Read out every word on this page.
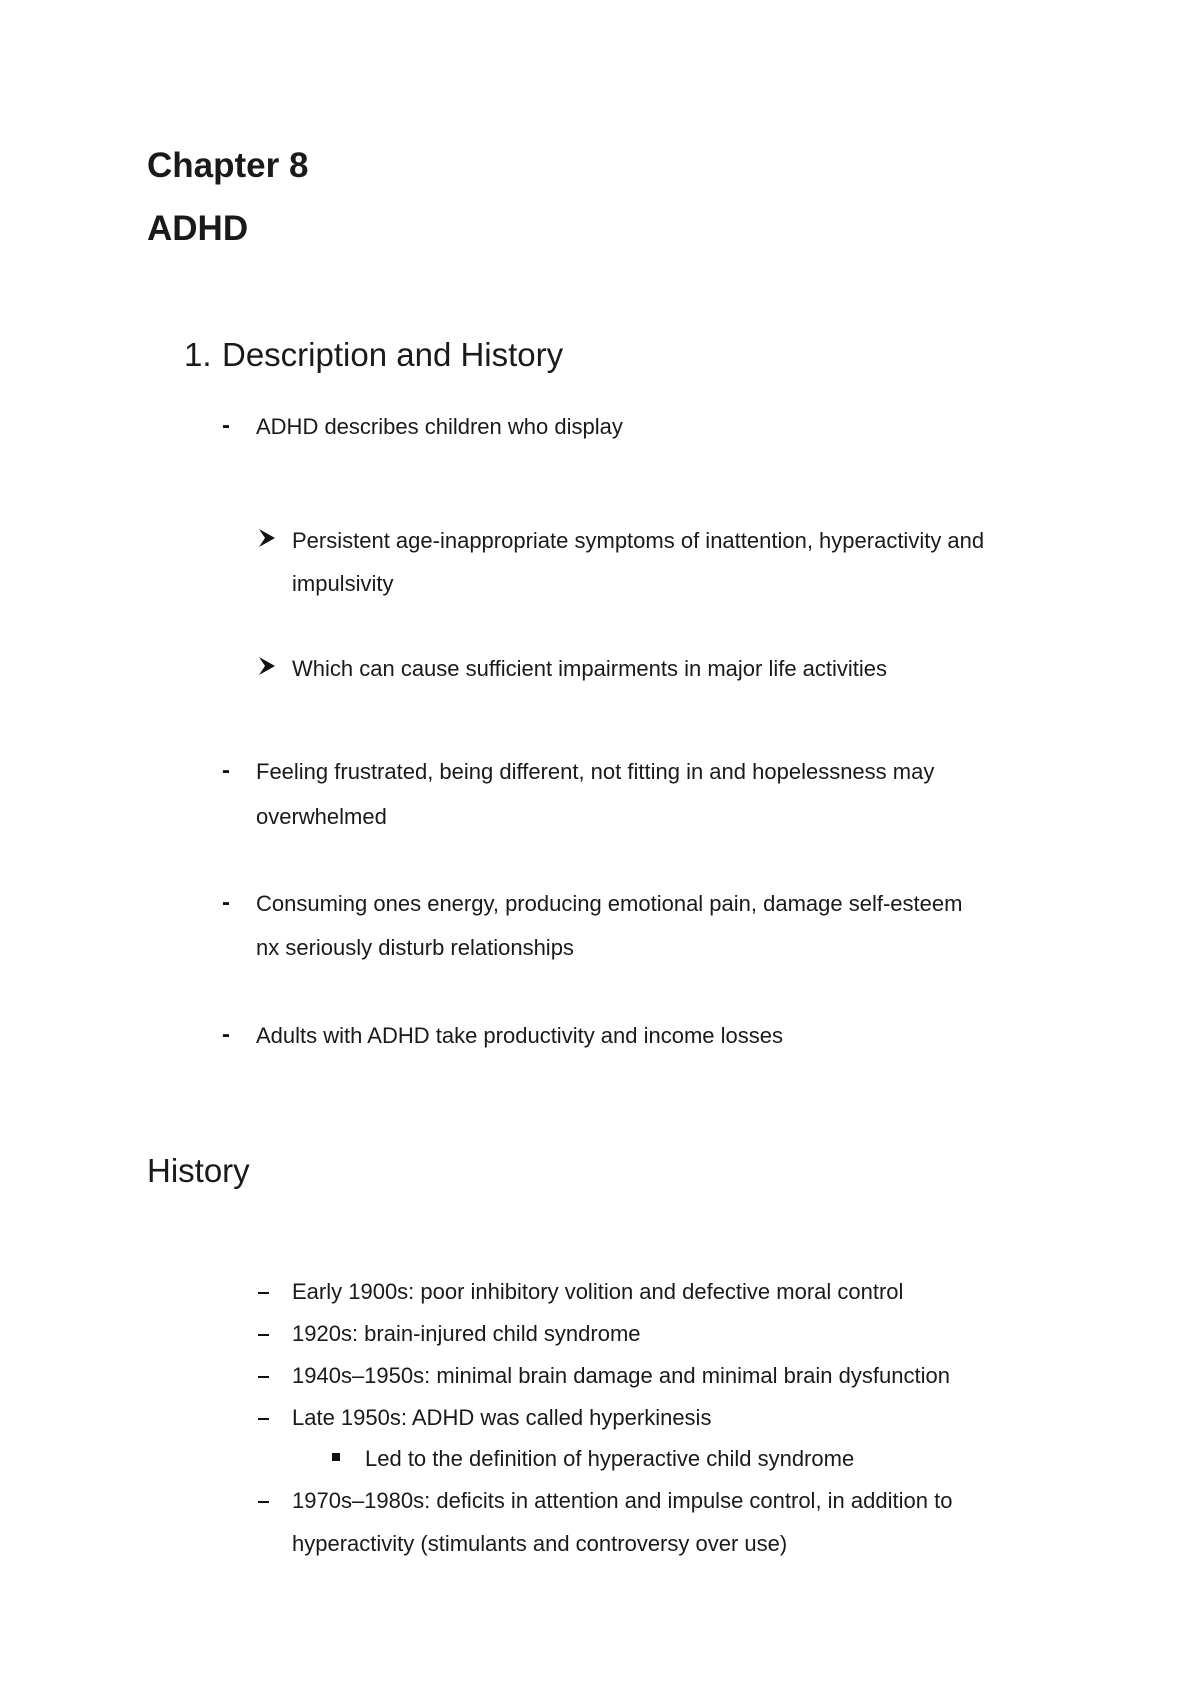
Chapter 8
ADHD
1. Description and History
- ADHD describes children who display
Persistent age-inappropriate symptoms of inattention, hyperactivity and
impulsivity
Which can cause sufficient impairments in major life activities
- Feeling frustrated, being different, not fitting in and hopelessness may
overwhelmed
- Consuming ones energy, producing emotional pain, damage self-esteem
nx seriously disturb relationships
- Adults with ADHD take productivity and income losses
History
Early 1900s: poor inhibitory volition and defective moral control
1920s: brain-injured child syndrome
1940s–1950s: minimal brain damage and minimal brain dysfunction
Late 1950s: ADHD was called hyperkinesis
Led to the definition of hyperactive child syndrome
1970s–1980s: deficits in attention and impulse control, in addition to
hyperactivity (stimulants and controversy over use)
